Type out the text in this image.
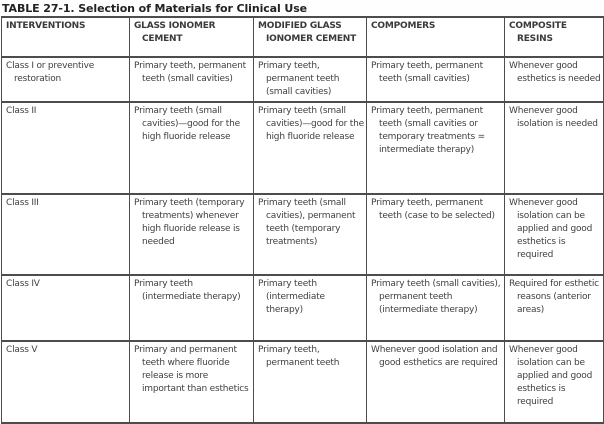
TABLE 27-1. Selection of Materials for Clinical Use
INTERVENTIONS	GLASS IONOMER CEMENT	MODIFIED GLASS IONOMER CEMENT	COMPOMERS	COMPOSITE RESINS
Class I or preventive restoration	Primary teeth, permanent teeth (small cavities)	Primary teeth, permanent teeth (small cavities)	Primary teeth, permanent teeth (small cavities)	Whenever good esthetics is needed
Class II	Primary teeth (small cavities)—good for the high fluoride release	Primary teeth (small cavities)—good for the high fluoride release	Primary teeth, permanent teeth (small cavities or temporary treatments = intermediate therapy)	Whenever good isolation is needed
Class III	Primary teeth (temporary treatments) whenever high fluoride release is needed	Primary teeth (small cavities), permanent teeth (temporary treatments)	Primary teeth, permanent teeth (case to be selected)	Whenever good isolation can be applied and good esthetics is required
Class IV	Primary teeth (intermediate therapy)	Primary teeth (intermediate therapy)	Primary teeth (small cavities), permanent teeth (intermediate therapy)	Required for esthetic reasons (anterior areas)
Class V	Primary and permanent teeth where fluoride release is more important than esthetics	Primary teeth, permanent teeth	Whenever good isolation and good esthetics are required	Whenever good isolation can be applied and good esthetics is required
